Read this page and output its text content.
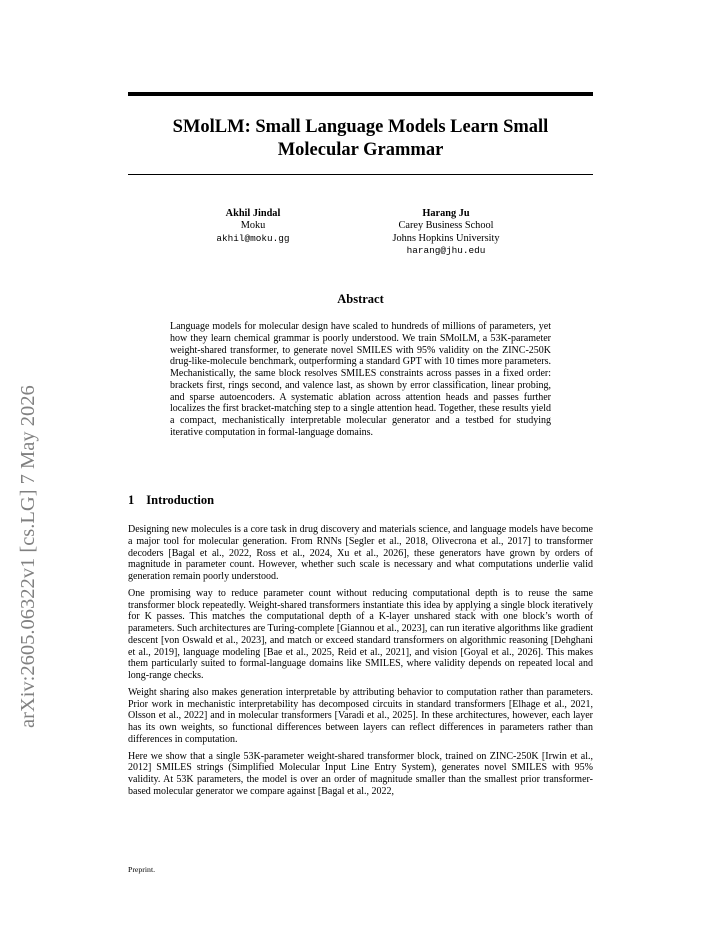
arXiv:2605.06322v1 [cs.LG] 7 May 2026
SMolLM: Small Language Models Learn Small
Molecular Grammar
Akhil Jindal
Moku
akhil@moku.gg
Harang Ju
Carey Business School
Johns Hopkins University
harang@jhu.edu
Abstract
Language models for molecular design have scaled to hundreds of millions of parameters, yet how they learn chemical grammar is poorly understood. We train SMolLM, a 53K-parameter weight-shared transformer, to generate novel SMILES with 95% validity on the ZINC-250K drug-like-molecule benchmark, outperforming a standard GPT with 10 times more parameters. Mechanistically, the same block resolves SMILES constraints across passes in a fixed order: brackets first, rings second, and valence last, as shown by error classification, linear probing, and sparse autoencoders. A systematic ablation across attention heads and passes further localizes the first bracket-matching step to a single attention head. Together, these results yield a compact, mechanistically interpretable molecular generator and a testbed for studying iterative computation in formal-language domains.
1 Introduction

Designing new molecules is a core task in drug discovery and materials science, and language models have become a major tool for molecular generation. From RNNs [Segler et al., 2018, Olivecrona et al., 2017] to transformer decoders [Bagal et al., 2022, Ross et al., 2024, Xu et al., 2026], these generators have grown by orders of magnitude in parameter count. However, whether such scale is necessary and what computations underlie valid generation remain poorly understood.

One promising way to reduce parameter count without reducing computational depth is to reuse the same transformer block repeatedly. Weight-shared transformers instantiate this idea by applying a single block iteratively for K passes. This matches the computational depth of a K-layer unshared stack with one block’s worth of parameters. Such architectures are Turing-complete [Giannou et al., 2023], can run iterative algorithms like gradient descent [von Oswald et al., 2023], and match or exceed standard transformers on algorithmic reasoning [Dehghani et al., 2019], language modeling [Bae et al., 2025, Reid et al., 2021], and vision [Goyal et al., 2026]. This makes them particularly suited to formal-language domains like SMILES, where validity depends on repeated local and long-range checks.

Weight sharing also makes generation interpretable by attributing behavior to computation rather than parameters. Prior work in mechanistic interpretability has decomposed circuits in standard transformers [Elhage et al., 2021, Olsson et al., 2022] and in molecular transformers [Varadi et al., 2025]. In these architectures, however, each layer has its own weights, so functional differences between layers can reflect differences in parameters rather than differences in computation.

Here we show that a single 53K-parameter weight-shared transformer block, trained on ZINC-250K [Irwin et al., 2012] SMILES strings (Simplified Molecular Input Line Entry System), generates novel SMILES with 95% validity. At 53K parameters, the model is over an order of magnitude smaller than the smallest prior transformer-based molecular generator we compare against [Bagal et al., 2022,

Preprint.
